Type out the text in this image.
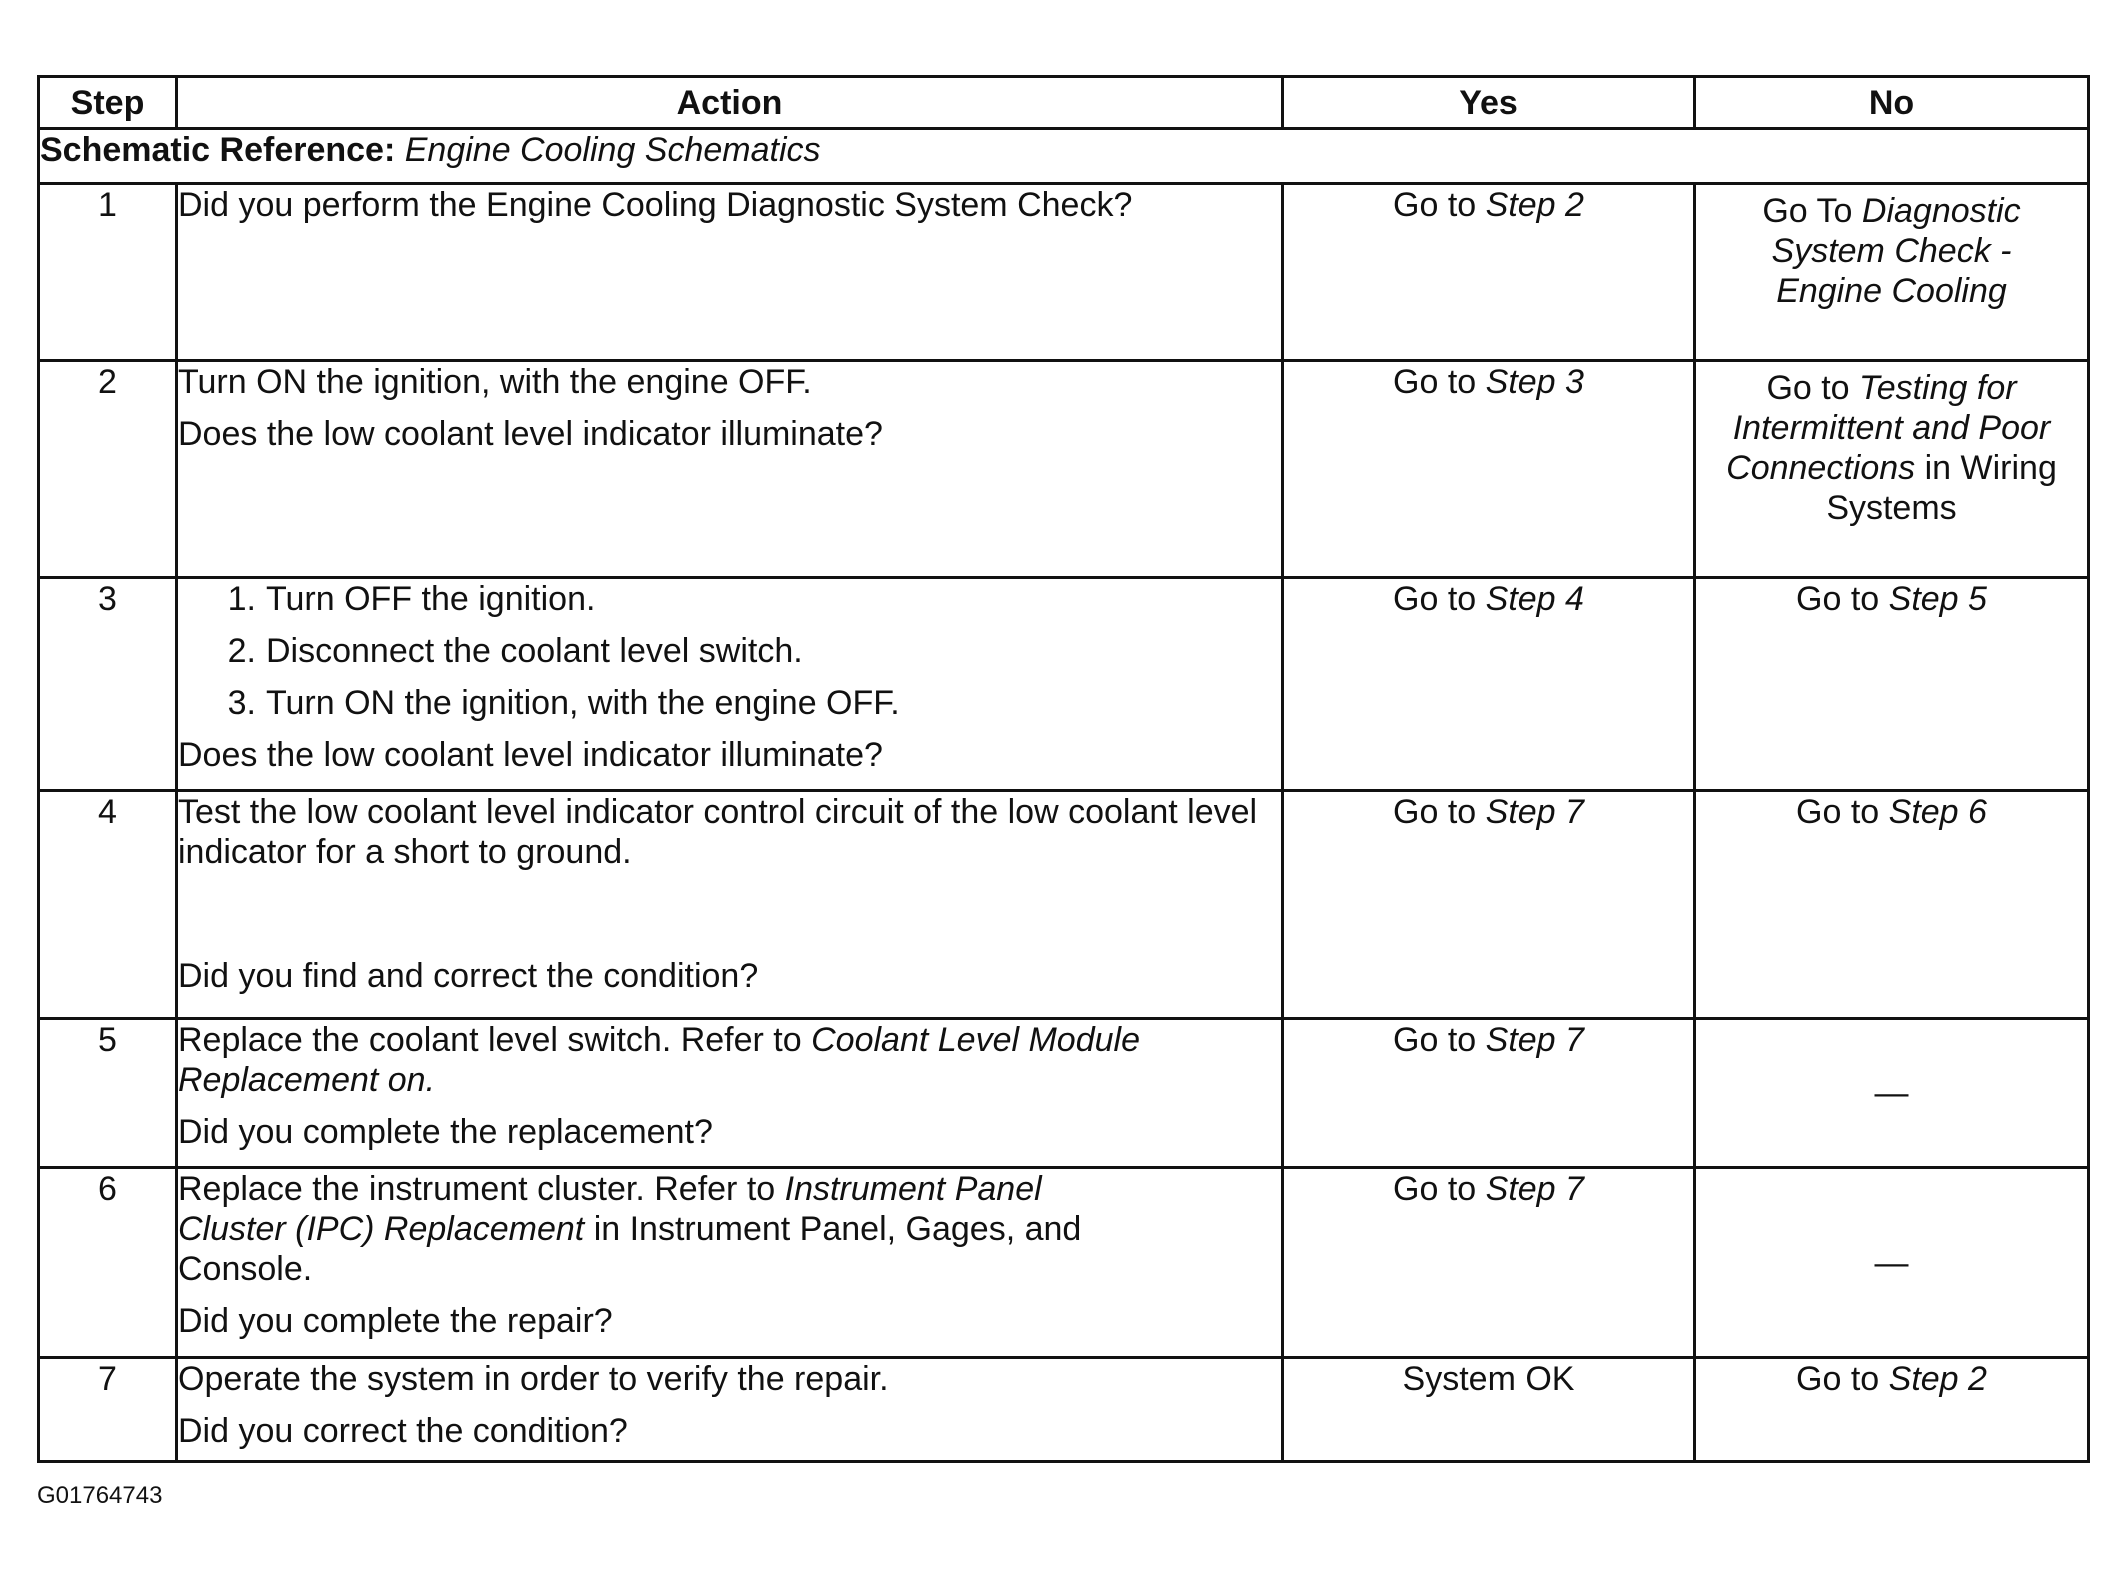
Step	Action	Yes	No
Schematic Reference: Engine Cooling Schematics			
1	Did you perform the Engine Cooling Diagnostic System Check?	Go to Step 2	Go To Diagnostic System Check - Engine Cooling

2	Turn ON the ignition, with the engine OFF.
Does the low coolant level indicator illuminate?	Go to Step 3	Go to Testing for Intermittent and Poor Connections in Wiring Systems

3	1. Turn OFF the ignition.
2. Disconnect the coolant level switch.
3. Turn ON the ignition, with the engine OFF.
Does the low coolant level indicator illuminate?	Go to Step 4	Go to Step 5
4	Test the low coolant level indicator control circuit of the low coolant level indicator for a short to ground.
Did you find and correct the condition?	Go to Step 7	Go to Step 6
5	Replace the coolant level switch. Refer to Coolant Level Module Replacement on.
Did you complete the replacement?	Go to Step 7	—
6	Replace the instrument cluster. Refer to Instrument Panel Cluster (IPC) Replacement in Instrument Panel, Gages, and Console.
Did you complete the repair?	Go to Step 7	—
7	Operate the system in order to verify the repair.
Did you correct the condition?	System OK	Go to Step 2
G01764743
